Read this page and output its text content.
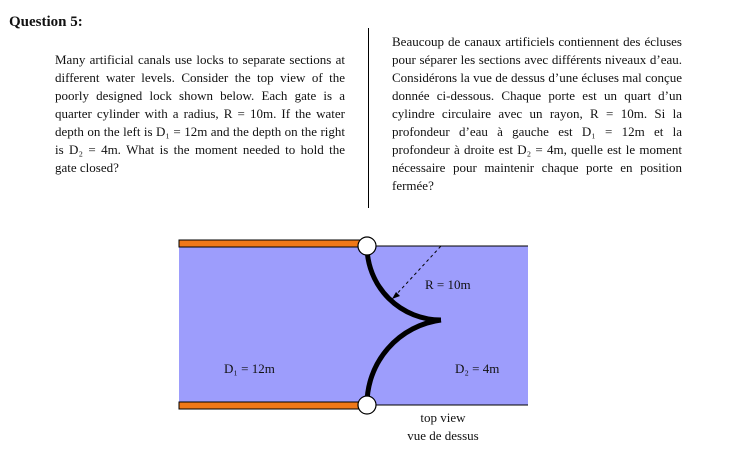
Question 5:
Many artificial canals use locks to separate sections at different water levels. Consider the top view of the poorly designed lock shown below. Each gate is a quarter cylinder with a radius, R = 10m. If the water depth on the left is D₁ = 12m and the depth on the right is D₂ = 4m. What is the moment needed to hold the gate closed?
Beaucoup de canaux artificiels contiennent des écluses pour séparer les sections avec différents niveaux d’eau. Considérons la vue de dessus d’une écluses mal conçue donnée ci-dessous. Chaque porte est un quart d’un cylindre circulaire avec un rayon, R = 10m. Si la profondeur d’eau à gauche est D₁ = 12m et la profondeur à droite est D₂ = 4m, quelle est le moment nécessaire pour maintenir chaque porte en position fermée?
R = 10m
D₁ = 12m	D₂ = 4m
top view
vue de dessus
